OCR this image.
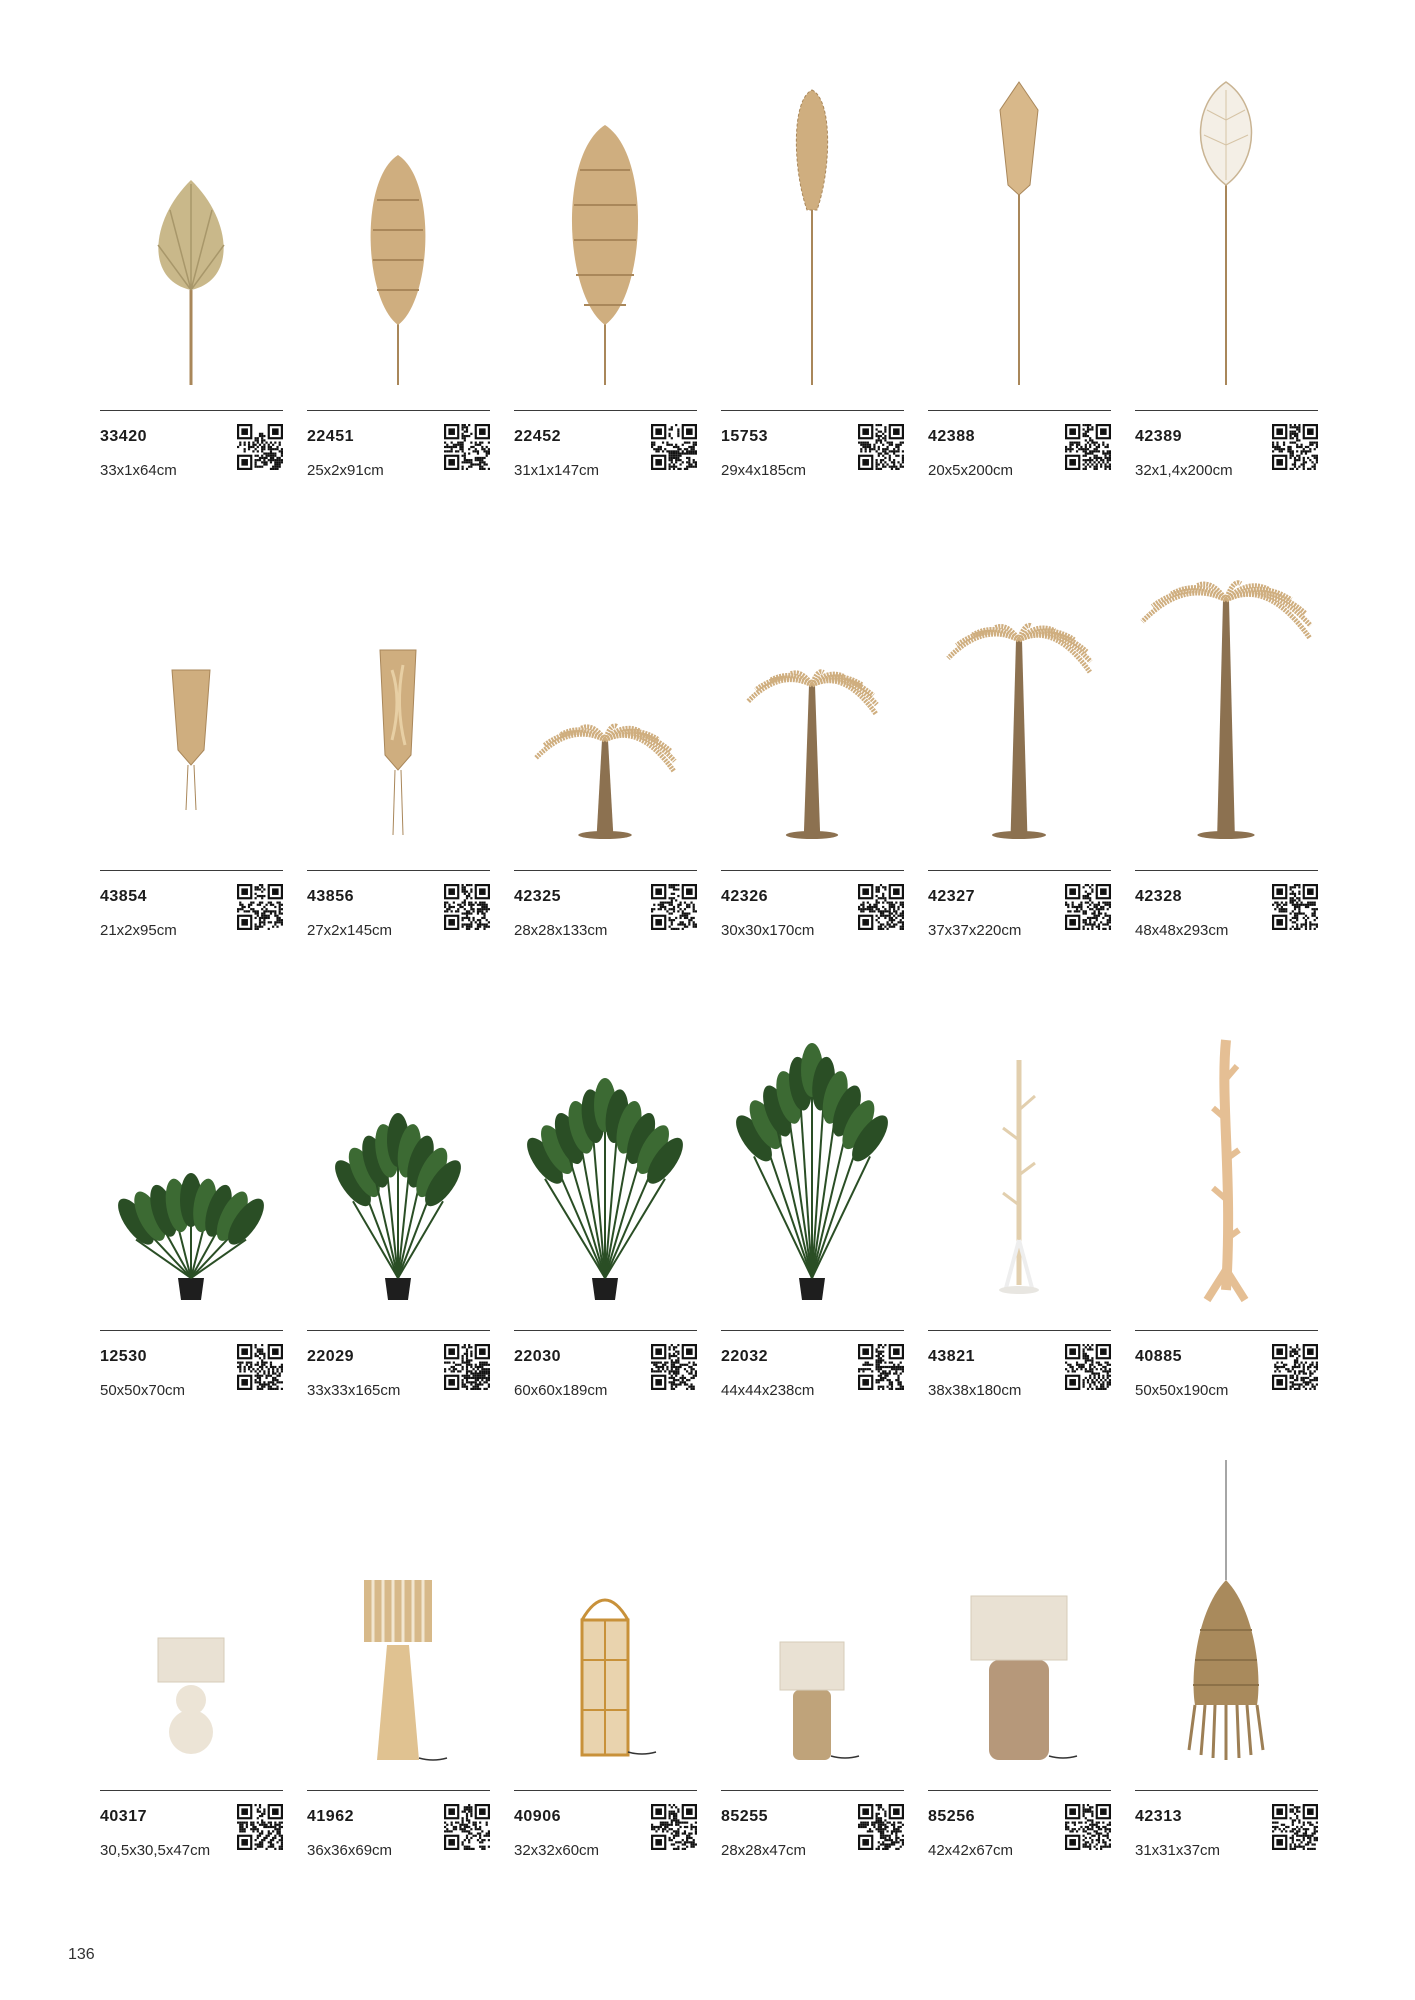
33420
33x1x64cm
22451
25x2x91cm
22452
31x1x147cm
15753
29x4x185cm
42388
20x5x200cm
42389
32x1,4x200cm
43854
21x2x95cm
43856
27x2x145cm
42325
28x28x133cm
42326
30x30x170cm
42327
37x37x220cm
42328
48x48x293cm
12530
50x50x70cm
22029
33x33x165cm
22030
60x60x189cm
22032
44x44x238cm
43821
38x38x180cm
40885
50x50x190cm
40317
30,5x30,5x47cm
41962
36x36x69cm
40906
32x32x60cm
85255
28x28x47cm
85256
42x42x67cm
42313
31x31x37cm
136
